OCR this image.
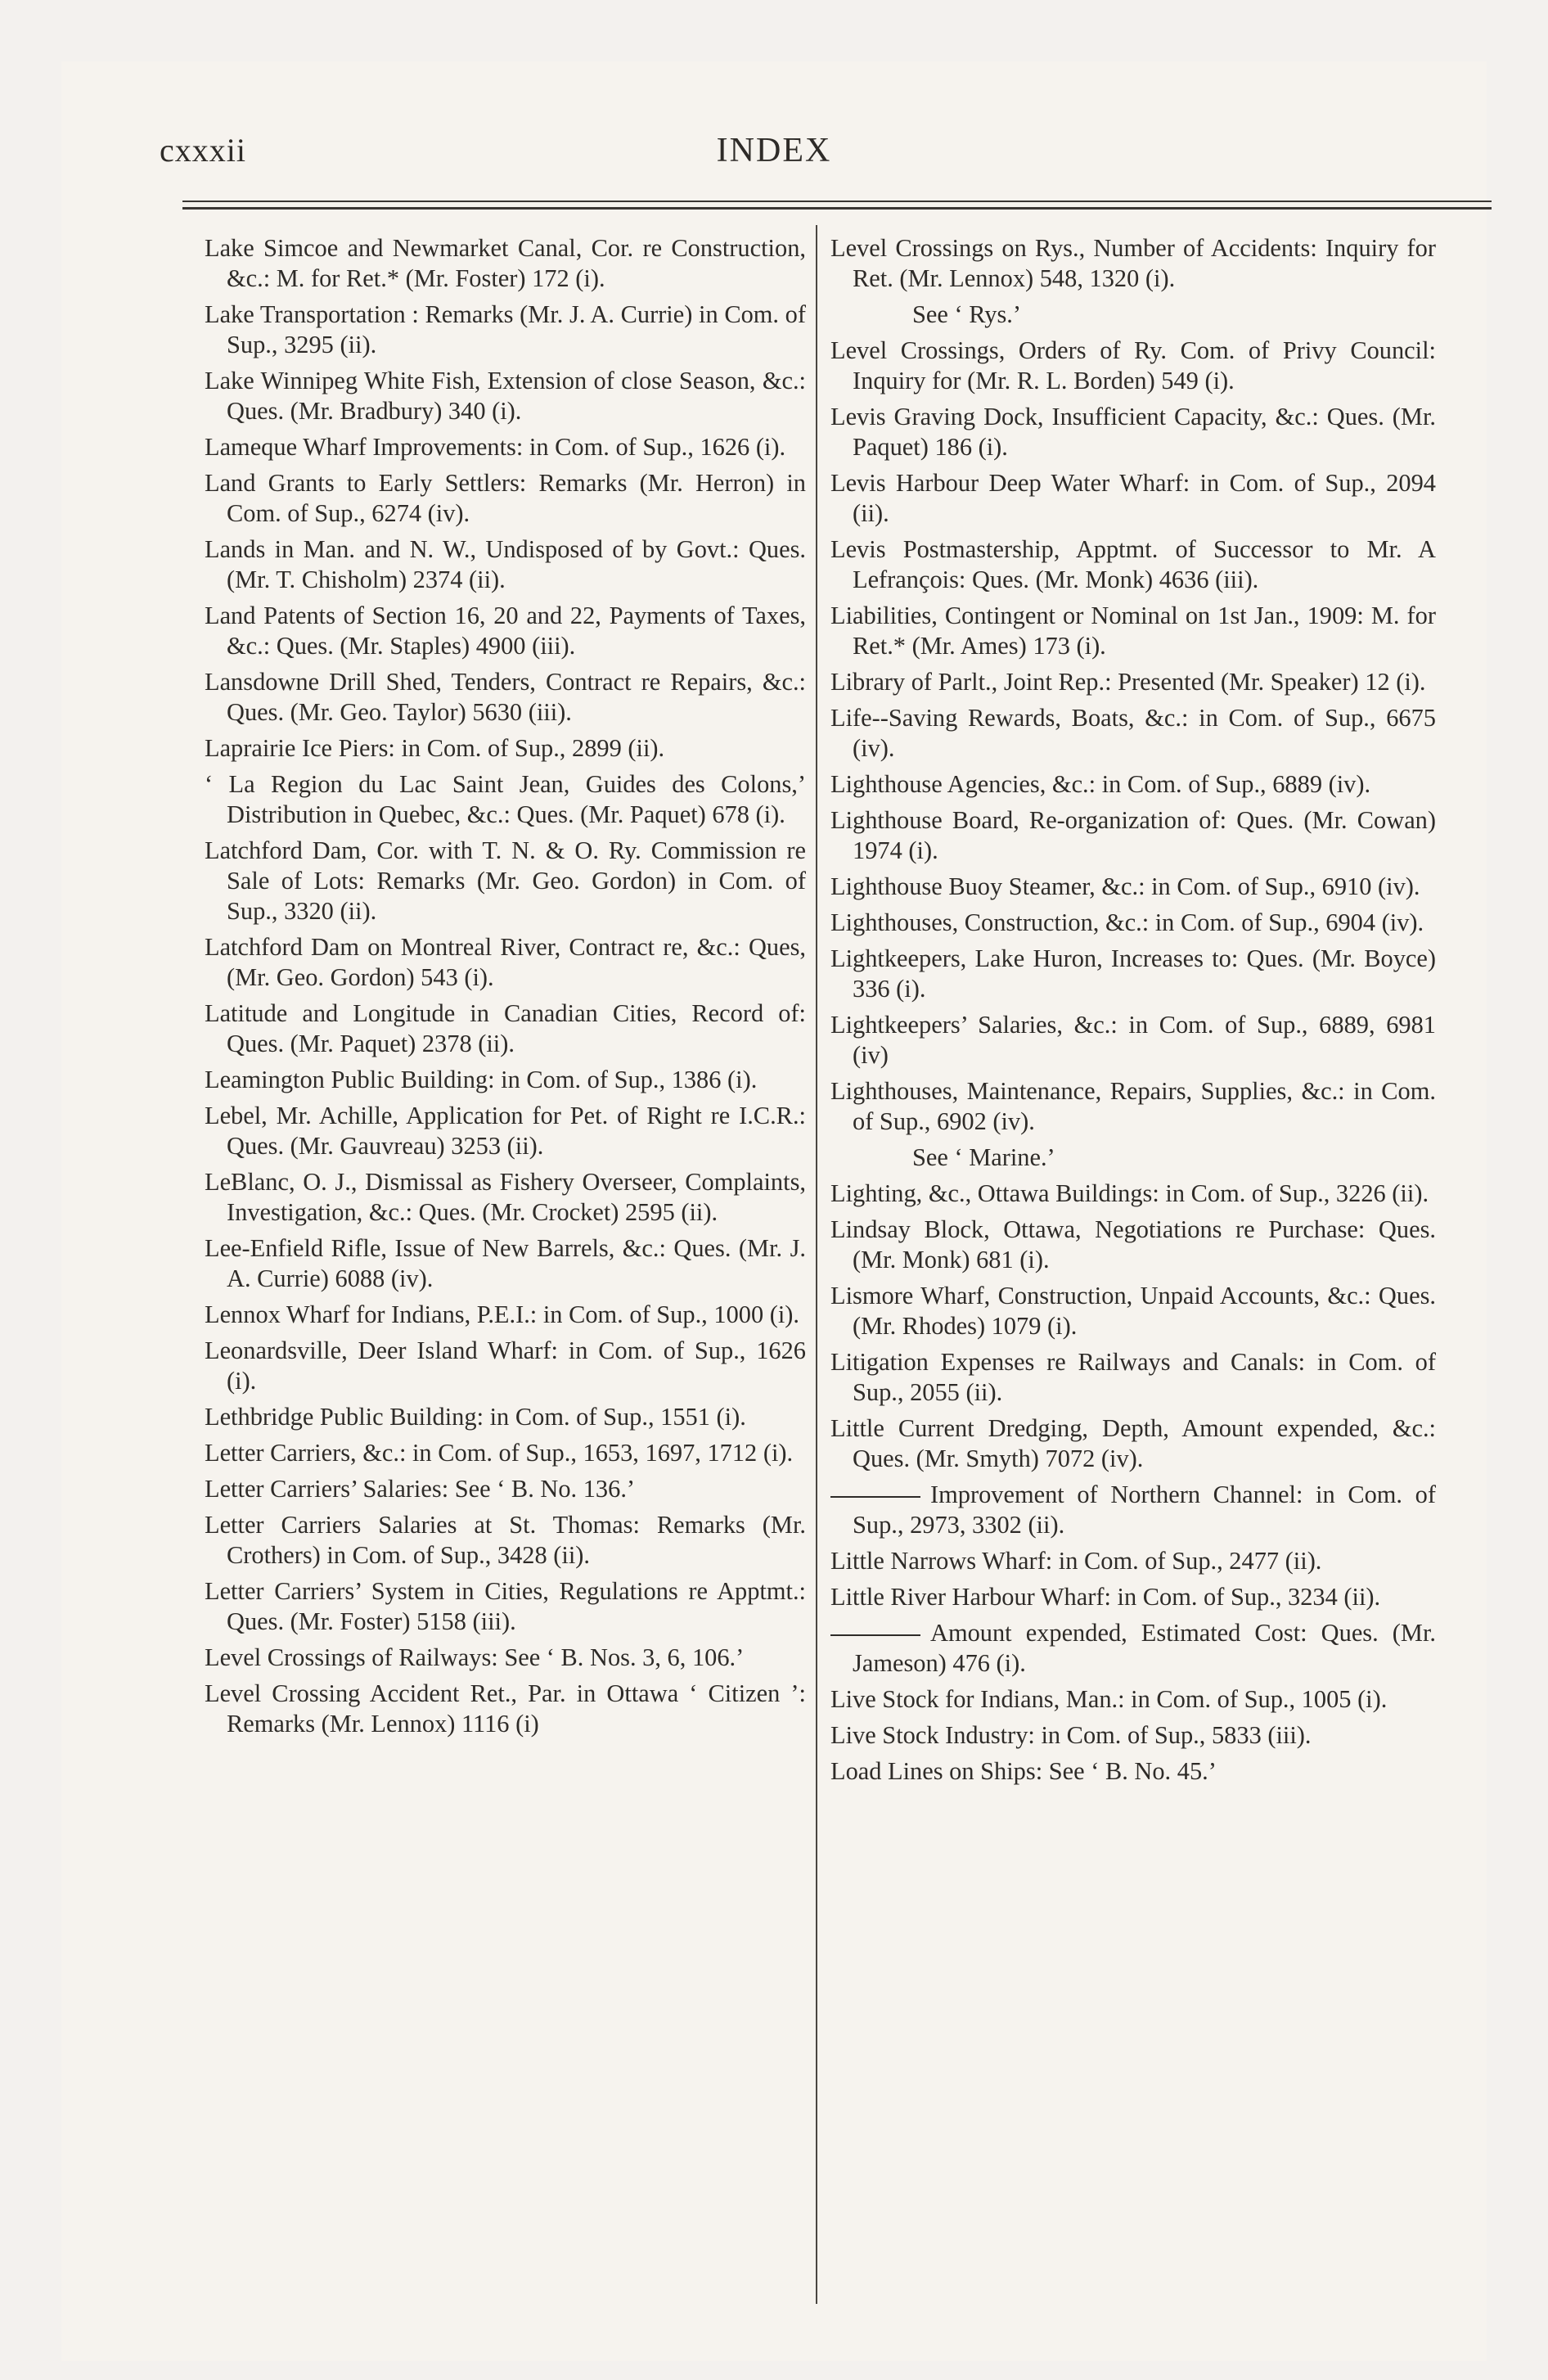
cxxxii	INDEX

Lake Simcoe and Newmarket Canal, Cor. re Construction, &c.: M. for Ret.* (Mr. Foster) 172 (i).

Lake Transportation : Remarks (Mr. J. A. Currie) in Com. of Sup., 3295 (ii).

Lake Winnipeg White Fish, Extension of close Season, &c.: Ques. (Mr. Bradbury) 340 (i).

Lameque Wharf Improvements: in Com. of Sup., 1626 (i).

Land Grants to Early Settlers: Remarks (Mr. Herron) in Com. of Sup., 6274 (iv).

Lands in Man. and N. W., Undisposed of by Govt.: Ques. (Mr. T. Chisholm) 2374 (ii).

Land Patents of Section 16, 20 and 22, Payments of Taxes, &c.: Ques. (Mr. Staples) 4900 (iii).

Lansdowne Drill Shed, Tenders, Contract re Repairs, &c.: Ques. (Mr. Geo. Taylor) 5630 (iii).

Laprairie Ice Piers: in Com. of Sup., 2899 (ii).

‘ La Region du Lac Saint Jean, Guides des Colons,’ Distribution in Quebec, &c.: Ques. (Mr. Paquet) 678 (i).

Latchford Dam, Cor. with T. N. & O. Ry. Commission re Sale of Lots: Remarks (Mr. Geo. Gordon) in Com. of Sup., 3320 (ii).

Latchford Dam on Montreal River, Contract re, &c.: Ques, (Mr. Geo. Gordon) 543 (i).

Latitude and Longitude in Canadian Cities, Record of: Ques. (Mr. Paquet) 2378 (ii).

Leamington Public Building: in Com. of Sup., 1386 (i).

Lebel, Mr. Achille, Application for Pet. of Right re I.C.R.: Ques. (Mr. Gauvreau) 3253 (ii).

LeBlanc, O. J., Dismissal as Fishery Overseer, Complaints, Investigation, &c.: Ques. (Mr. Crocket) 2595 (ii).

Lee-Enfield Rifle, Issue of New Barrels, &c.: Ques. (Mr. J. A. Currie) 6088 (iv).

Lennox Wharf for Indians, P.E.I.: in Com. of Sup., 1000 (i).

Leonardsville, Deer Island Wharf: in Com. of Sup., 1626 (i).

Lethbridge Public Building: in Com. of Sup., 1551 (i).

Letter Carriers, &c.: in Com. of Sup., 1653, 1697, 1712 (i).

Letter Carriers’ Salaries: See ‘ B. No. 136.’

Letter Carriers Salaries at St. Thomas: Remarks (Mr. Crothers) in Com. of Sup., 3428 (ii).

Letter Carriers’ System in Cities, Regulations re Apptmt.: Ques. (Mr. Foster) 5158 (iii).

Level Crossings of Railways: See ‘ B. Nos. 3, 6, 106.’

Level Crossing Accident Ret., Par. in Ottawa ‘ Citizen ’: Remarks (Mr. Lennox) 1116 (i)

Level Crossings on Rys., Number of Accidents: Inquiry for Ret. (Mr. Lennox) 548, 1320 (i).

See ‘ Rys.’

Level Crossings, Orders of Ry. Com. of Privy Council: Inquiry for (Mr. R. L. Borden) 549 (i).

Levis Graving Dock, Insufficient Capacity, &c.: Ques. (Mr. Paquet) 186 (i).

Levis Harbour Deep Water Wharf: in Com. of Sup., 2094 (ii).

Levis Postmastership, Apptmt. of Successor to Mr. A Lefrançois: Ques. (Mr. Monk) 4636 (iii).

Liabilities, Contingent or Nominal on 1st Jan., 1909: M. for Ret.* (Mr. Ames) 173 (i).

Library of Parlt., Joint Rep.: Presented (Mr. Speaker) 12 (i).

Life--Saving Rewards, Boats, &c.: in Com. of Sup., 6675 (iv).

Lighthouse Agencies, &c.: in Com. of Sup., 6889 (iv).

Lighthouse Board, Re-organization of: Ques. (Mr. Cowan) 1974 (i).

Lighthouse Buoy Steamer, &c.: in Com. of Sup., 6910 (iv).

Lighthouses, Construction, &c.: in Com. of Sup., 6904 (iv).

Lightkeepers, Lake Huron, Increases to: Ques. (Mr. Boyce) 336 (i).

Lightkeepers’ Salaries, &c.: in Com. of Sup., 6889, 6981 (iv)

Lighthouses, Maintenance, Repairs, Supplies, &c.: in Com. of Sup., 6902 (iv).

See ‘ Marine.’

Lighting, &c., Ottawa Buildings: in Com. of Sup., 3226 (ii).

Lindsay Block, Ottawa, Negotiations re Purchase: Ques. (Mr. Monk) 681 (i).

Lismore Wharf, Construction, Unpaid Accounts, &c.: Ques. (Mr. Rhodes) 1079 (i).

Litigation Expenses re Railways and Canals: in Com. of Sup., 2055 (ii).

Little Current Dredging, Depth, Amount expended, &c.: Ques. (Mr. Smyth) 7072 (iv).

Improvement of Northern Channel: in Com. of Sup., 2973, 3302 (ii).

Little Narrows Wharf: in Com. of Sup., 2477 (ii).

Little River Harbour Wharf: in Com. of Sup., 3234 (ii).

Amount expended, Estimated Cost: Ques. (Mr. Jameson) 476 (i).

Live Stock for Indians, Man.: in Com. of Sup., 1005 (i).

Live Stock Industry: in Com. of Sup., 5833 (iii).

Load Lines on Ships: See ‘ B. No. 45.’
